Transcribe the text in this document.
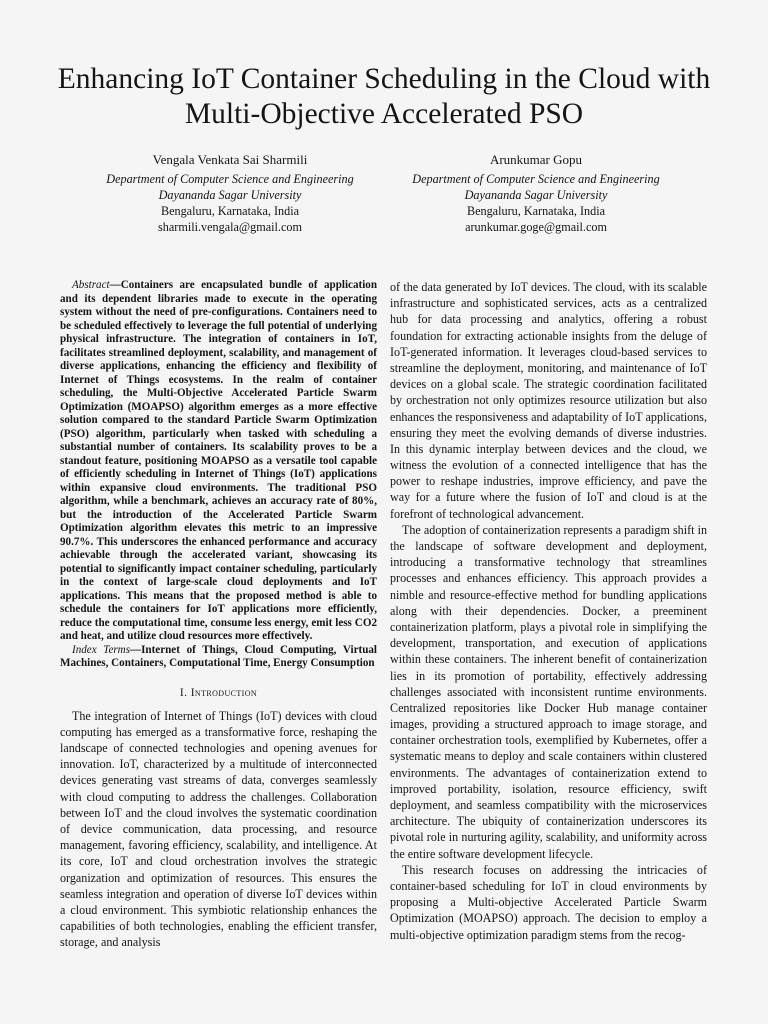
Enhancing IoT Container Scheduling in the Cloud with Multi-Objective Accelerated PSO
Vengala Venkata Sai Sharmili
Department of Computer Science and Engineering
Dayananda Sagar University
Bengaluru, Karnataka, India
sharmili.vengala@gmail.com
Arunkumar Gopu
Department of Computer Science and Engineering
Dayananda Sagar University
Bengaluru, Karnataka, India
arunkumar.goge@gmail.com

Abstract—Containers are encapsulated bundle of application and its dependent libraries made to execute in the operating system without the need of pre-configurations. Containers need to be scheduled effectively to leverage the full potential of underlying physical infrastructure. The integration of containers in IoT, facilitates streamlined deployment, scalability, and management of diverse applications, enhancing the efficiency and flexibility of Internet of Things ecosystems. In the realm of container scheduling, the Multi-Objective Accelerated Particle Swarm Optimization (MOAPSO) algorithm emerges as a more effective solution compared to the standard Particle Swarm Optimization (PSO) algorithm, particularly when tasked with scheduling a substantial number of containers. Its scalability proves to be a standout feature, positioning MOAPSO as a versatile tool capable of efficiently scheduling in Internet of Things (IoT) applications within expansive cloud environments. The traditional PSO algorithm, while a benchmark, achieves an accuracy rate of 80%, but the introduction of the Accelerated Particle Swarm Optimization algorithm elevates this metric to an impressive 90.7%. This underscores the enhanced performance and accuracy achievable through the accelerated variant, showcasing its potential to significantly impact container scheduling, particularly in the context of large-scale cloud deployments and IoT applications. This means that the proposed method is able to schedule the containers for IoT applications more efficiently, reduce the computational time, consume less energy, emit less CO2 and heat, and utilize cloud resources more effectively.

Index Terms—Internet of Things, Cloud Computing, Virtual Machines, Containers, Computational Time, Energy Consumption

I. Introduction

The integration of Internet of Things (IoT) devices with cloud computing has emerged as a transformative force, reshaping the landscape of connected technologies and opening avenues for innovation. IoT, characterized by a multitude of interconnected devices generating vast streams of data, converges seamlessly with cloud computing to address the challenges. Collaboration between IoT and the cloud involves the systematic coordination of device communication, data processing, and resource management, favoring efficiency, scalability, and intelligence. At its core, IoT and cloud orchestration involves the strategic organization and optimization of resources. This ensures the seamless integration and operation of diverse IoT devices within a cloud environment. This symbiotic relationship enhances the capabilities of both technologies, enabling the efficient transfer, storage, and analysis

of the data generated by IoT devices. The cloud, with its scalable infrastructure and sophisticated services, acts as a centralized hub for data processing and analytics, offering a robust foundation for extracting actionable insights from the deluge of IoT-generated information. It leverages cloud-based services to streamline the deployment, monitoring, and maintenance of IoT devices on a global scale. The strategic coordination facilitated by orchestration not only optimizes resource utilization but also enhances the responsiveness and adaptability of IoT applications, ensuring they meet the evolving demands of diverse industries. In this dynamic interplay between devices and the cloud, we witness the evolution of a connected intelligence that has the power to reshape industries, improve efficiency, and pave the way for a future where the fusion of IoT and cloud is at the forefront of technological advancement.

The adoption of containerization represents a paradigm shift in the landscape of software development and deployment, introducing a transformative technology that streamlines processes and enhances efficiency. This approach provides a nimble and resource-effective method for bundling applications along with their dependencies. Docker, a preeminent containerization platform, plays a pivotal role in simplifying the development, transportation, and execution of applications within these containers. The inherent benefit of containerization lies in its promotion of portability, effectively addressing challenges associated with inconsistent runtime environments. Centralized repositories like Docker Hub manage container images, providing a structured approach to image storage, and container orchestration tools, exemplified by Kubernetes, offer a systematic means to deploy and scale containers within clustered environments. The advantages of containerization extend to improved portability, isolation, resource efficiency, swift deployment, and seamless compatibility with the microservices architecture. The ubiquity of containerization underscores its pivotal role in nurturing agility, scalability, and uniformity across the entire software development lifecycle.

This research focuses on addressing the intricacies of container-based scheduling for IoT in cloud environments by proposing a Multi-objective Accelerated Particle Swarm Optimization (MOAPSO) approach. The decision to employ a multi-objective optimization paradigm stems from the recog-
